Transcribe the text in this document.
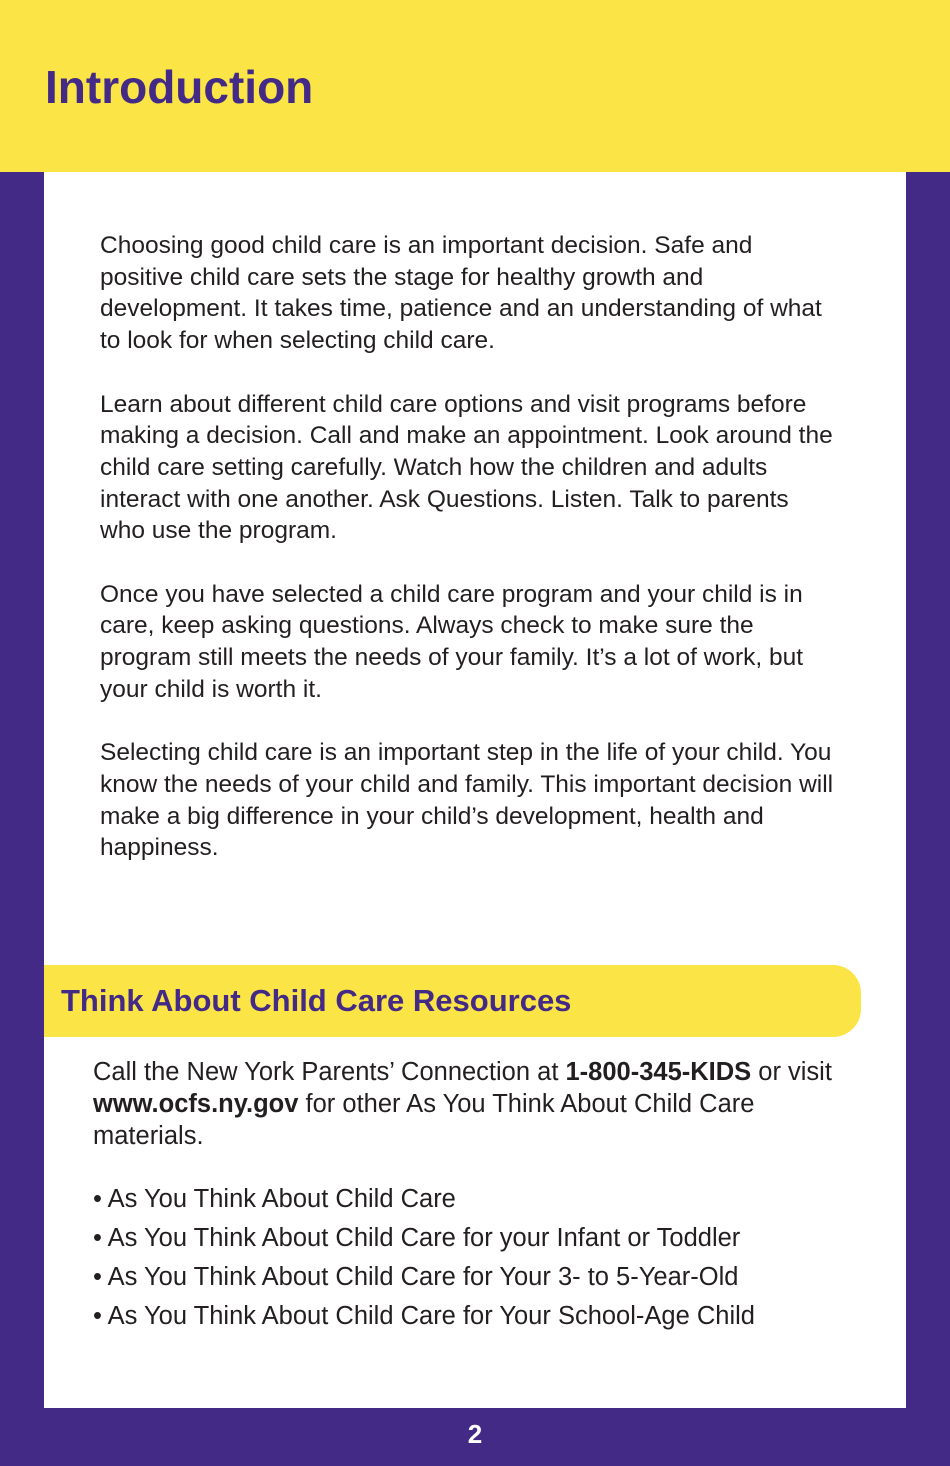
Introduction

Choosing good child care is an important decision. Safe and positive child care sets the stage for healthy growth and development. It takes time, patience and an understanding of what to look for when selecting child care.

Learn about different child care options and visit programs before making a decision. Call and make an appointment. Look around the child care setting carefully. Watch how the children and adults interact with one another. Ask Questions. Listen. Talk to parents who use the program.

Once you have selected a child care program and your child is in care, keep asking questions. Always check to make sure the program still meets the needs of your family. It’s a lot of work, but your child is worth it.

Selecting child care is an important step in the life of your child. You know the needs of your child and family. This important decision will make a big difference in your child’s development, health and happiness.

Think About Child Care Resources

Call the New York Parents’ Connection at 1-800-345-KIDS or visit www.ocfs.ny.gov for other As You Think About Child Care materials.

• As You Think About Child Care
• As You Think About Child Care for your Infant or Toddler
• As You Think About Child Care for Your 3- to 5-Year-Old
• As You Think About Child Care for Your School-Age Child
2
